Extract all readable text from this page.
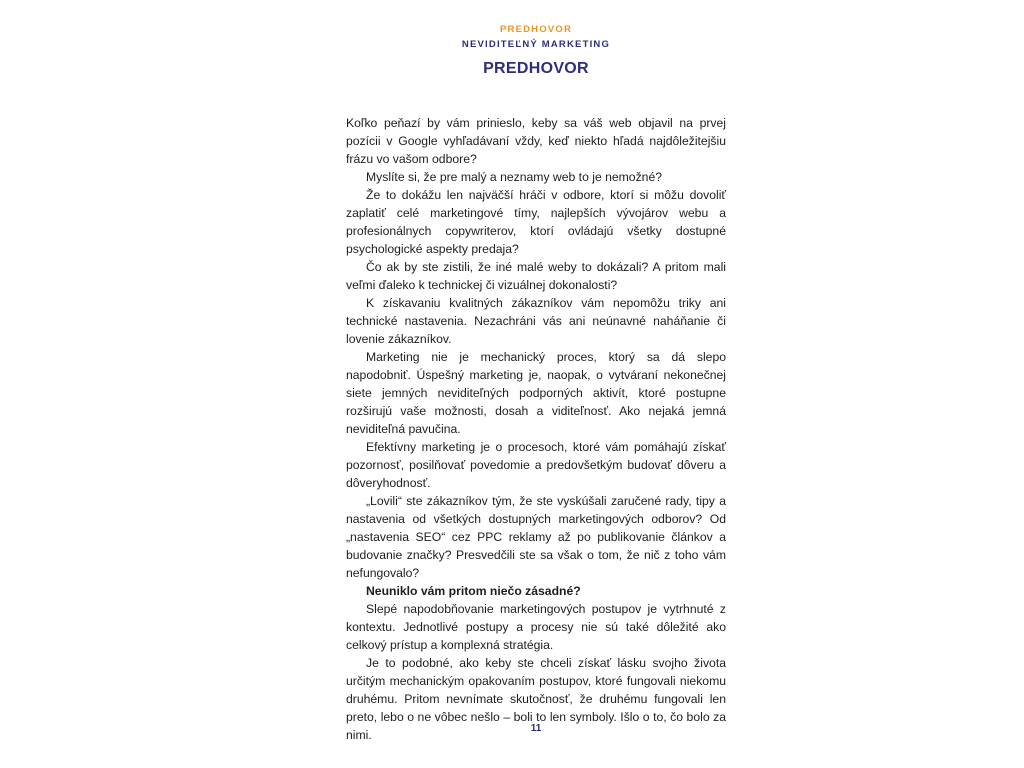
PREDHOVOR
NEVIDITEĽNÝ MARKETING
PREDHOVOR

Koľko peňazí by vám prinieslo, keby sa váš web objavil na prvej pozícii v Google vyhľadávaní vždy, keď niekto hľadá najdôležitejšiu frázu vo vašom odbore?

Myslíte si, že pre malý a neznamy web to je nemožné?

Že to dokážu len najväčší hráči v odbore, ktorí si môžu dovoliť zaplatiť celé marketingové tímy, najlepších vývojárov webu a profesionálnych copywriterov, ktorí ovládajú všetky dostupné psychologické aspekty predaja?

Čo ak by ste zistili, že iné malé weby to dokázali? A pritom mali veľmi ďaleko k technickej či vizuálnej dokonalosti?

K získavaniu kvalitných zákazníkov vám nepomôžu triky ani technické nastavenia. Nezachráni vás ani neúnavné naháňanie či lovenie zákazníkov.

Marketing nie je mechanický proces, ktorý sa dá slepo napodobniť. Úspešný marketing je, naopak, o vytváraní nekonečnej siete jemných neviditeľných podporných aktivít, ktoré postupne rozširujú vaše možnosti, dosah a viditeľnosť. Ako nejaká jemná neviditeľná pavučina.

Efektívny marketing je o procesoch, ktoré vám pomáhajú získať pozornosť, posilňovať povedomie a predovšetkým budovať dôveru a dôveryhodnosť.

„Lovili“ ste zákazníkov tým, že ste vyskúšali zaručené rady, tipy a nastavenia od všetkých dostupných marketingových odborov? Od „nastavenia SEO“ cez PPC reklamy až po publikovanie článkov a budovanie značky? Presvedčili ste sa však o tom, že nič z toho vám nefungovalo?

Neuniklo vám pritom niečo zásadné?

Slepé napodobňovanie marketingových postupov je vytrhnuté z kontextu. Jednotlivé postupy a procesy nie sú také dôležité ako celkový prístup a komplexná stratégia.

Je to podobné, ako keby ste chceli získať lásku svojho života určitým mechanickým opakovaním postupov, ktoré fungovali niekomu druhému. Pritom nevnímate skutočnosť, že druhému fungovali len preto, lebo o ne vôbec nešlo – boli to len symboly. Išlo o to, čo bolo za nimi.	11
